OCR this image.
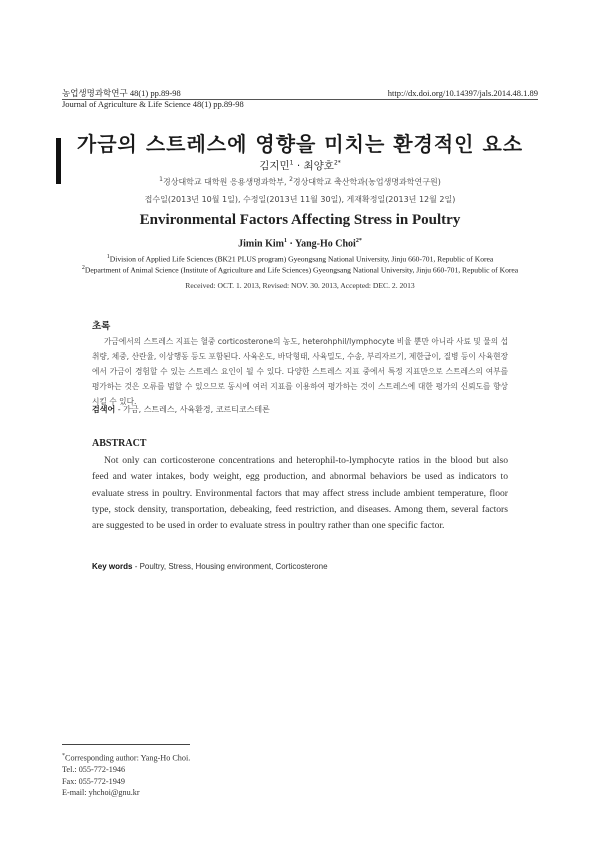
농업생명과학연구 48(1) pp.89-98
Journal of Agriculture & Life Science 48(1) pp.89-98
http://dx.doi.org/10.14397/jals.2014.48.1.89
가금의 스트레스에 영향을 미치는 환경적인 요소
김지민$^1$ · 최양호$^{2*}$
$^1$경상대학교 대학원 응용생명과학부, $^2$경상대학교 축산학과(농업생명과학연구원)
접수일(2013년 10월 1일), 수정일(2013년 11월 30일), 게재확정일(2013년 12월 2일)
Environmental Factors Affecting Stress in Poultry
Jimin Kim$^1$ · Yang-Ho Choi$^{2*}$
$^1$Division of Applied Life Sciences (BK21 PLUS program) Gyeongsang National University, Jinju 660-701, Republic of Korea
$^2$Department of Animal Science (Institute of Agriculture and Life Sciences) Gyeongsang National University, Jinju 660-701, Republic of Korea
Received: OCT. 1. 2013, Revised: NOV. 30. 2013, Accepted: DEC. 2. 2013
초록
가금에서의 스트레스 지표는 혈중 corticosterone의 농도, heterohphil/lymphocyte 비율 뿐만 아니라 사료 및 물의 섭취량, 체중, 산란율, 이상행동 등도 포함된다. 사육온도, 바닥형태, 사육밀도, 수송, 부리자르기, 제한급이, 질병 등이 사육현장에서 가금이 경험할 수 있는 스트레스 요인이 될 수 있다. 다양한 스트레스 지표 중에서 특정 지표만으로 스트레스의 여부를 평가하는 것은 오류를 범할 수 있으므로 동시에 여러 지표를 이용하여 평가하는 것이 스트레스에 대한 평가의 신뢰도를 향상시킬 수 있다.
검색어 - 가금, 스트레스, 사육환경, 코르티코스테론
ABSTRACT
Not only can corticosterone concentrations and heterophil-to-lymphocyte ratios in the blood but also feed and water intakes, body weight, egg production, and abnormal behaviors be used as indicators to evaluate stress in poultry. Environmental factors that may affect stress include ambient temperature, floor type, stock density, transportation, debeaking, feed restriction, and diseases. Among them, several factors are suggested to be used in order to evaluate stress in poultry rather than one specific factor.
Key words - Poultry, Stress, Housing environment, Corticosterone
*Corresponding author: Yang-Ho Choi.
Tel.: 055-772-1946
Fax: 055-772-1949
E-mail: yhchoi@gnu.kr
